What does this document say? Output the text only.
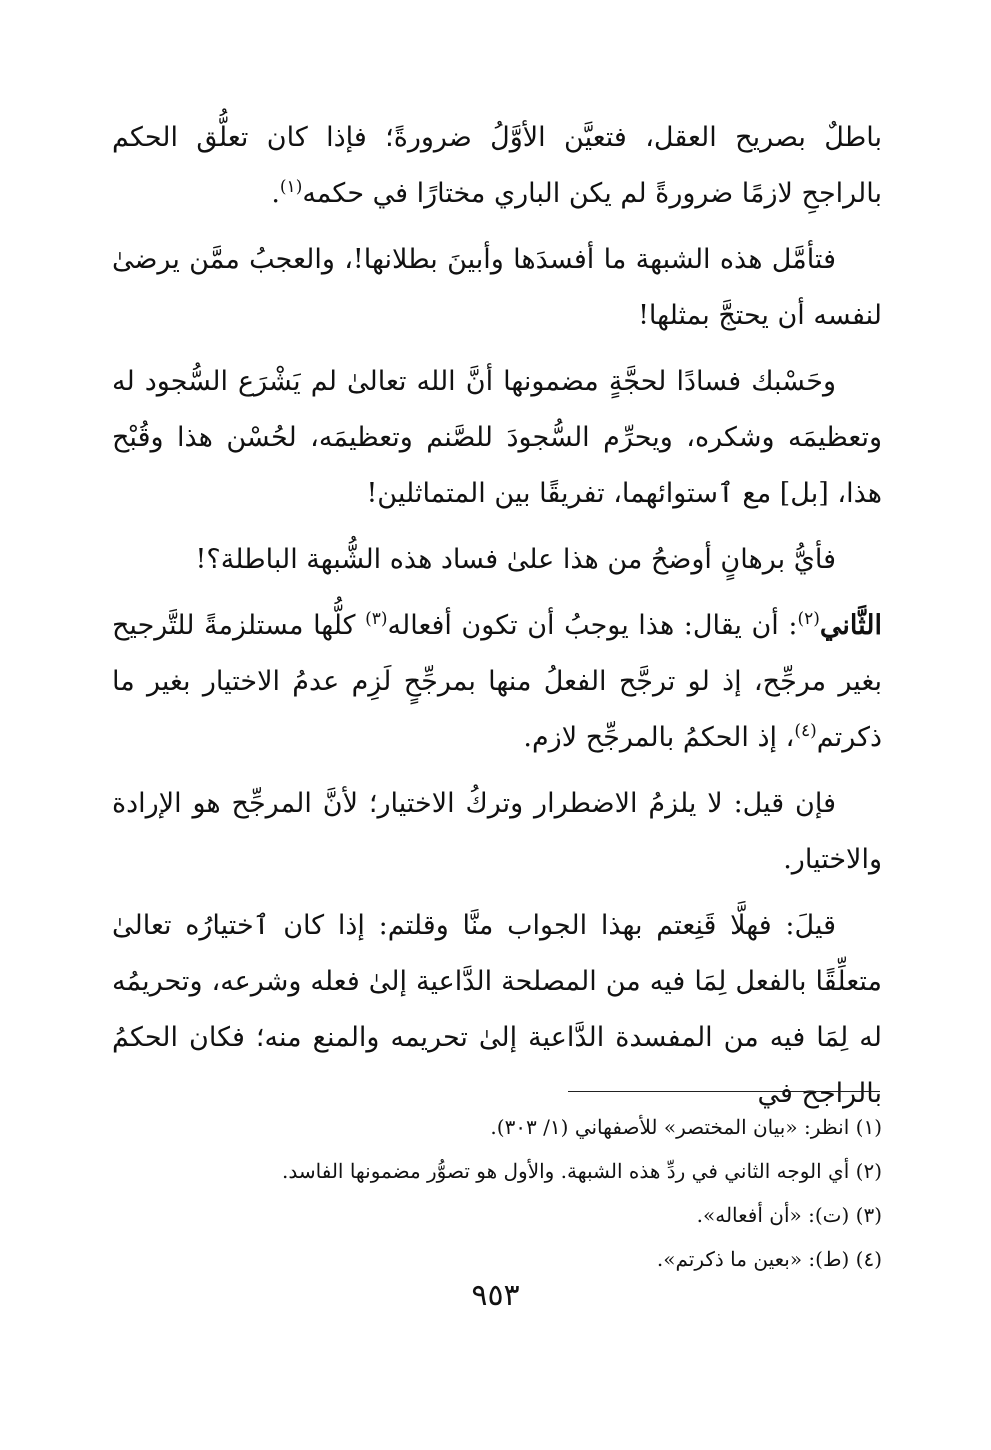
باطلٌ بصريح العقل، فتعيَّن الأوَّلُ ضرورةً؛ فإذا كان تعلُّق الحكم بالراجحِ لازمًا ضرورةً لم يكن الباري مختارًا في حكمه$^{(١)}$.

فتأمَّل هذه الشبهة ما أفسدَها وأبينَ بطلانها!، والعجبُ ممَّن يرضىٰ لنفسه أن يحتجَّ بمثلها!

وحَسْبك فسادًا لحجَّةٍ مضمونها أنَّ الله تعالىٰ لم يَشْرَع السُّجود له وتعظيمَه وشكره، ويحرِّم السُّجودَ للصَّنم وتعظيمَه، لحُسْن هذا وقُبْح هذا، [بل] مع ٱستوائهما، تفريقًا بين المتماثلين!

فأيُّ برهانٍ أوضحُ من هذا علىٰ فساد هذه الشُّبهة الباطلة؟!

الثَّاني$^{(٢)}$: أن يقال: هذا يوجبُ أن تكون أفعاله$^{(٣)}$ كلُّها مستلزمةً للتَّرجيح بغير مرجِّح، إذ لو ترجَّح الفعلُ منها بمرجِّحٍ لَزِم عدمُ الاختيار بغير ما ذكرتم$^{(٤)}$، إذ الحكمُ بالمرجِّح لازم.

فإن قيل: لا يلزمُ الاضطرار وتركُ الاختيار؛ لأنَّ المرجِّح هو الإرادة والاختيار.

قيلَ: فهلَّا قَنِعتم بهذا الجواب منَّا وقلتم: إذا كان ٱختيارُه تعالىٰ متعلِّقًا بالفعل لِمَا فيه من المصلحة الدَّاعية إلىٰ فعله وشرعه، وتحريمُه له لِمَا فيه من المفسدة الدَّاعية إلىٰ تحريمه والمنع منه؛ فكان الحكمُ بالراجح في

(١) انظر: «بيان المختصر» للأصفهاني (١/ ٣٠٣).
(٢) أي الوجه الثاني في ردِّ هذه الشبهة. والأول هو تصوُّر مضمونها الفاسد.
(٣) (ت): «أن أفعاله».
(٤) (ط): «بعين ما ذكرتم».
٩٥٣
